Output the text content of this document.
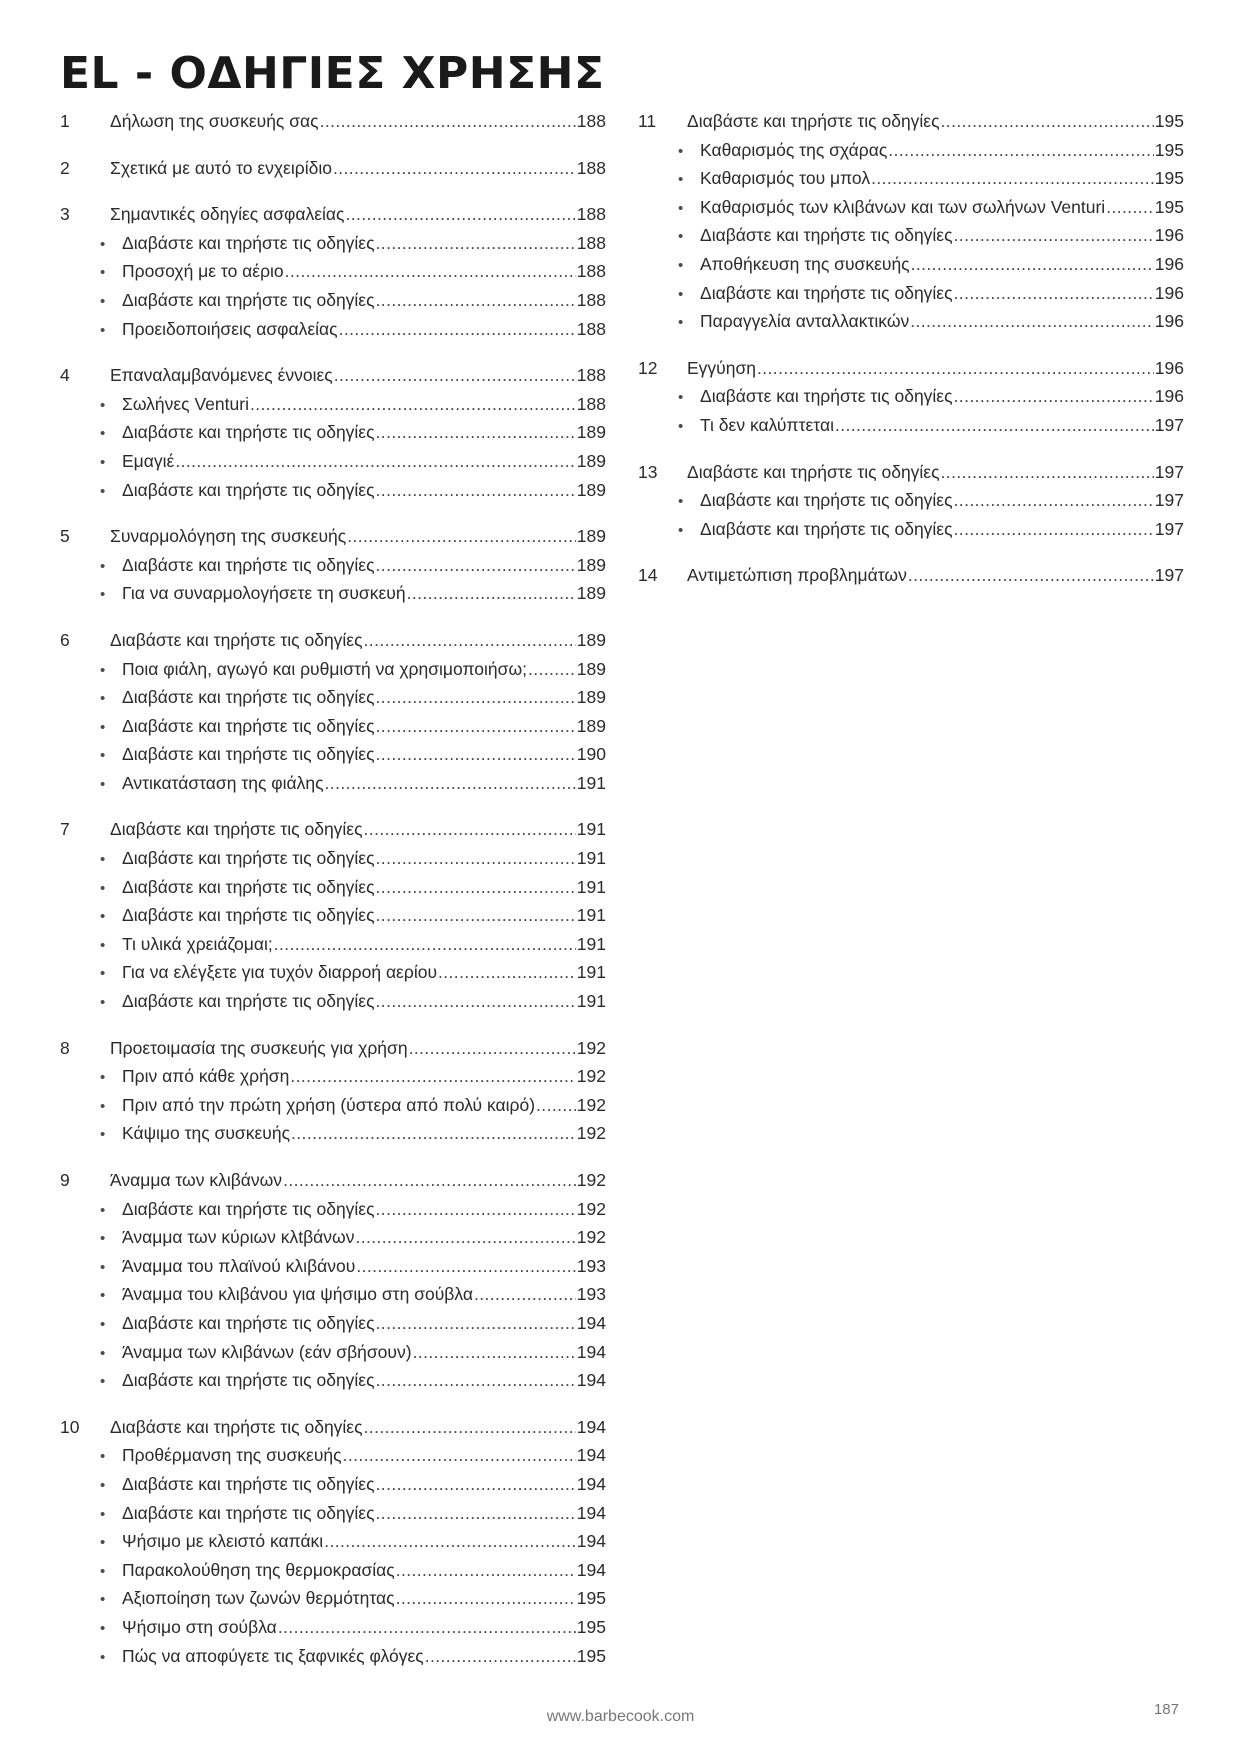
EL - ΟΔΗΓΙΕΣ ΧΡΗΣΗΣ
1	Δήλωση της συσκευής σας .....	188
2	Σχετικά με αυτό το ενχειρίδιο .....	188
3	Σημαντικές οδηγίες ασφαλείας .....	188
• Διαβάστε και τηρήστε τις οδηγίες .....	188
• Προσοχή με το αέριο .....	188
• Διαβάστε και τηρήστε τις οδηγίες .....	188
• Προειδοποιήσεις ασφαλείας .....	188
4	Επαναλαμβανόμενες έννοιες .....	188
• Σωλήνες Venturi .....	188
• Διαβάστε και τηρήστε τις οδηγίες .....	189
• Εμαγιέ .....	189
• Διαβάστε και τηρήστε τις οδηγίες .....	189
5	Συναρμολόγηση της συσκευής .....	189
• Διαβάστε και τηρήστε τις οδηγίες .....	189
• Για να συναρμολογήσετε τη συσκευή .....	189
6	Διαβάστε και τηρήστε τις οδηγίες .....	189
• Ποια φιάλη, αγωγό και ρυθμιστή να χρησιμοποιήσω; .....	189
• Διαβάστε και τηρήστε τις οδηγίες .....	189
• Διαβάστε και τηρήστε τις οδηγίες .....	189
• Διαβάστε και τηρήστε τις οδηγίες .....	190
• Αντικατάσταση της φιάλης .....	191
7	Διαβάστε και τηρήστε τις οδηγίες .....	191
• Διαβάστε και τηρήστε τις οδηγίες .....	191
• Διαβάστε και τηρήστε τις οδηγίες .....	191
• Διαβάστε και τηρήστε τις οδηγίες .....	191
• Τι υλικά χρειάζομαι; .....	191
• Για να ελέγξετε για τυχόν διαρροή αερίου .....	191
• Διαβάστε και τηρήστε τις οδηγίες .....	191
8	Προετοιμασία της συσκευής για χρήση .....	192
• Πριν από κάθε χρήση .....	192
• Πριν από την πρώτη χρήση (ύστερα από πολύ καιρό) ..... 192
• Κάψιμο της συσκευής .....	192
9	Άναμμα των κλιβάνων .....	192
• Διαβάστε και τηρήστε τις οδηγίες .....	192
• Άναμμα των κύριων κλtβάνων .....	192
• Άναμμα του πλαϊνού κλιβάνου .....	193
• Άναμμα του κλιβάνου για ψήσιμο στη σούβλα .....	193
• Διαβάστε και τηρήστε τις οδηγίες .....	194
• Άναμμα των κλιβάνων (εάν σβήσουν) .....	194
• Διαβάστε και τηρήστε τις οδηγίες .....	194
10	Διαβάστε και τηρήστε τις οδηγίες .....	194
• Προθέρμανση της συσκευής .....	194
• Διαβάστε και τηρήστε τις οδηγίες .....	194
• Διαβάστε και τηρήστε τις οδηγίες .....	194
• Ψήσιμο με κλειστό καπάκι .....	194
• Παρακολούθηση της θερμοκρασίας .....	194
• Αξιοποίηση των ζωνών θερμότητας .....	195
• Ψήσιμο στη σούβλα .....	195
• Πώς να αποφύγετε τις ξαφνικές φλόγες .....	195
11	Διαβάστε και τηρήστε τις οδηγίες .....	195
• Καθαρισμός της σχάρας .....	195
• Καθαρισμός του μπολ .....	195
• Καθαρισμός των κλιβάνων και των σωλήνων Venturi .....	195
• Διαβάστε και τηρήστε τις οδηγίες .....	196
• Αποθήκευση της συσκευής .....	196
• Διαβάστε και τηρήστε τις οδηγίες .....	196
• Παραγγελία ανταλλακτικών .....	196
12	Εγγύηση .....	196
• Διαβάστε και τηρήστε τις οδηγίες .....	196
• Τι δεν καλύπτεται .....	197
13	Διαβάστε και τηρήστε τις οδηγίες .....	197
• Διαβάστε και τηρήστε τις οδηγίες .....	197
• Διαβάστε και τηρήστε τις οδηγίες .....	197
14	Αντιμετώπιση προβλημάτων .....	197
www.barbecook.com	187
